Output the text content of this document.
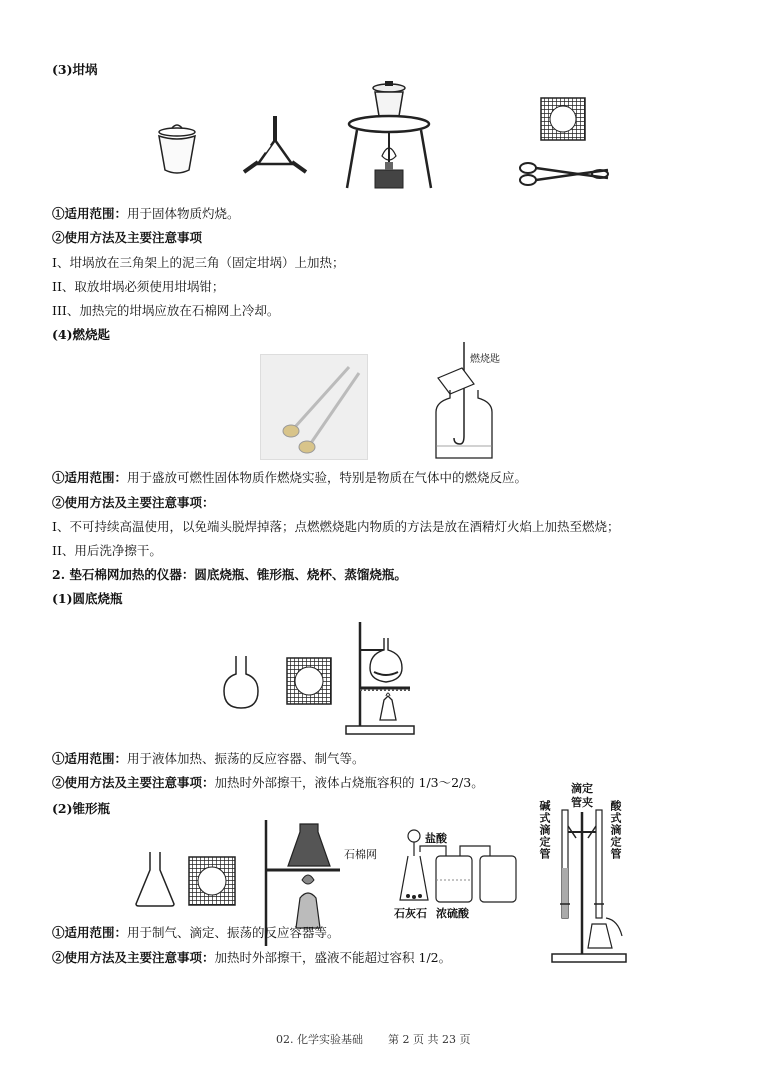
(3)坩埚
①适用范围：用于固体物质灼烧。
②使用方法及主要注意事项
I、坩埚放在三角架上的泥三角（固定坩埚）上加热；
II、取放坩埚必须使用坩埚钳；
III、加热完的坩埚应放在石棉网上冷却。
(4)燃烧匙
燃烧匙
①适用范围：用于盛放可燃性固体物质作燃烧实验，特别是物质在气体中的燃烧反应。
②使用方法及主要注意事项：
I、不可持续高温使用，以免端头脱焊掉落；点燃燃烧匙内物质的方法是放在酒精灯火焰上加热至燃烧；
II、用后洗净擦干。
2. 垫石棉网加热的仪器：圆底烧瓶、锥形瓶、烧杯、蒸馏烧瓶。
(1)圆底烧瓶
①适用范围：用于液体加热、振荡的反应容器、制气等。
②使用方法及主要注意事项：加热时外部擦干，液体占烧瓶容积的 1/3～2/3。
(2)锥形瓶
石棉网
盐酸
石灰石 浓硫酸
滴定管夹
碱式滴定管	酸式滴定管
①适用范围：用于制气、滴定、振荡的反应容器等。
②使用方法及主要注意事项：加热时外部擦干，盛液不能超过容积 1/2。
02. 化学实验基础 第 2 页 共 23 页
